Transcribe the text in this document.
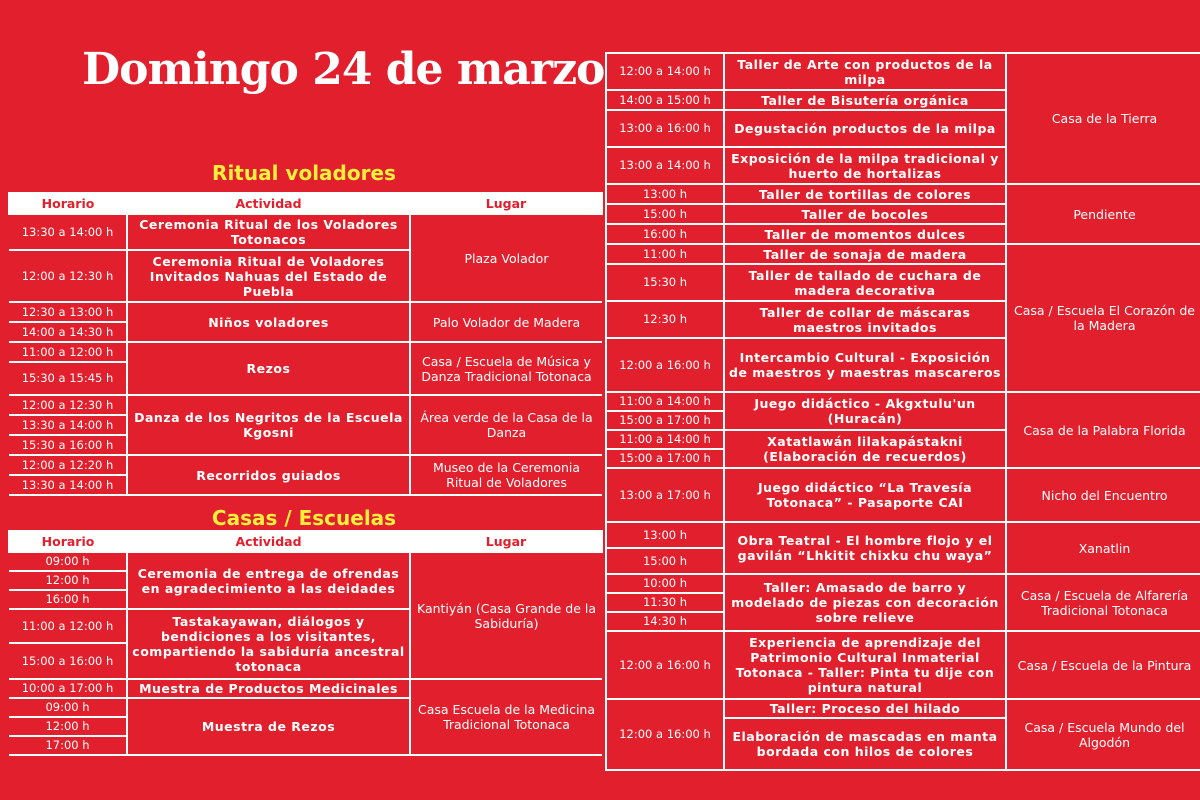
Domingo 24 de marzo
Ritual voladores
Horario	Actividad	Lugar
13:30 a 14:00 h	Ceremonia Ritual de los Voladores Totonacos	Plaza Volador
12:00 a 12:30 h	Ceremonia Ritual de Voladores Invitados Nahuas del Estado de Puebla	
12:30 a 13:00 h	Niños voladores	Palo Volador de Madera
14:00 a 14:30 h		
11:00 a 12:00 h	Rezos	Casa / Escuela de Música y Danza Tradicional Totonaca
15:30 a 15:45 h		
12:00 a 12:30 h	Danza de los Negritos de la Escuela Kgosni	Área verde de la Casa de la Danza
13:30 a 14:00 h		
15:30 a 16:00 h		
12:00 a 12:20 h	Recorridos guiados	Museo de la Ceremonia Ritual de Voladores
13:30 a 14:00 h		
Casas / Escuelas
Horario	Actividad	Lugar
09:00 h	Ceremonia de entrega de ofrendas en agradecimiento a las deidades	Kantiyán (Casa Grande de la Sabiduría)
12:00 h		
16:00 h		
11:00 a 12:00 h	Tastakayawan, diálogos y bendiciones a los visitantes, compartiendo la sabiduría ancestral totonaca	
15:00 a 16:00 h		
10:00 a 17:00 h	Muestra de Productos Medicinales	Casa Escuela de la Medicina Tradicional Totonaca
09:00 h	Muestra de Rezos	
12:00 h		
17:00 h		
12:00 a 14:00 h	Taller de Arte con productos de la milpa	Casa de la Tierra
14:00 a 15:00 h	Taller de Bisutería orgánica	
13:00 a 16:00 h	Degustación productos de la milpa	
13:00 a 14:00 h	Exposición de la milpa tradicional y huerto de hortalizas	
13:00 h	Taller de tortillas de colores	Pendiente
15:00 h	Taller de bocoles	
16:00 h	Taller de momentos dulces	
11:00 h	Taller de sonaja de madera	Casa / Escuela El Corazón de la Madera
15:30 h	Taller de tallado de cuchara de madera decorativa	
12:30 h	Taller de collar de máscaras maestros invitados	
12:00 a 16:00 h	Intercambio Cultural - Exposición de maestros y maestras mascareros	
11:00 a 14:00 h	Juego didáctico - Akgxtulu'un (Huracán)	Casa de la Palabra Florida
15:00 a 17:00 h		
11:00 a 14:00 h	Xatatlawán lilakapástakni (Elaboración de recuerdos)	
15:00 a 17:00 h		
13:00 a 17:00 h	Juego didáctico “La Travesía Totonaca” - Pasaporte CAI	Nicho del Encuentro
13:00 h	Obra Teatral - El hombre flojo y el gavilán “Lhkitit chixku chu waya”	Xanatlin
15:00 h		
10:00 h	Taller: Amasado de barro y modelado de piezas con decoración sobre relieve	Casa / Escuela de Alfarería Tradicional Totonaca
11:30 h		
14:30 h		
12:00 a 16:00 h	Experiencia de aprendizaje del Patrimonio Cultural Inmaterial Totonaca - Taller: Pinta tu dije con pintura natural	Casa / Escuela de la Pintura
12:00 a 16:00 h	Taller: Proceso del hilado	Casa / Escuela Mundo del Algodón
	Elaboración de mascadas en manta bordada con hilos de colores	
